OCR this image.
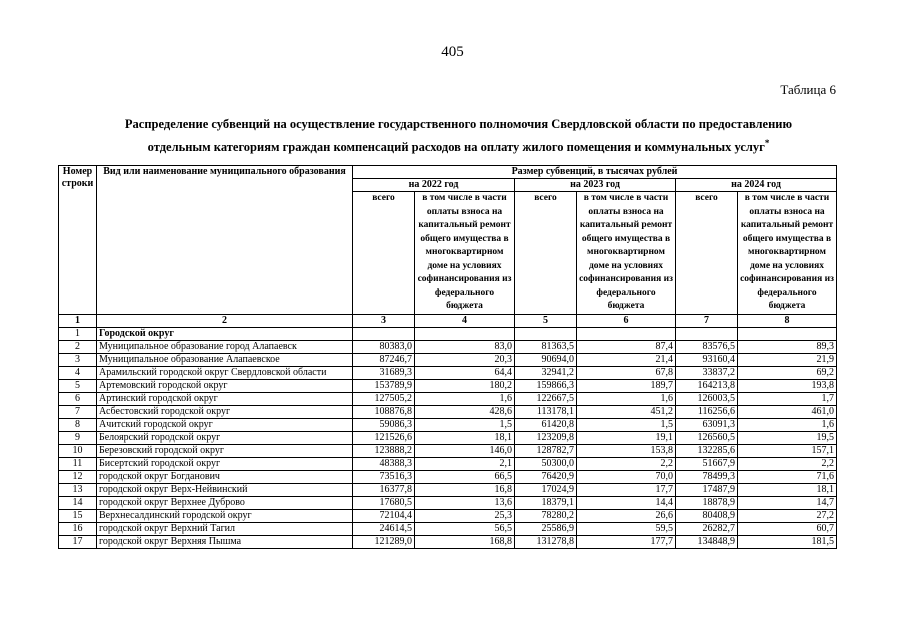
405
Таблица 6
Распределение субвенций на осуществление государственного полномочия Свердловской области по предоставлению
отдельным категориям граждан компенсаций расходов на оплату жилого помещения и коммунальных услуг*
Номер строки	Вид или наименование муниципального образования	Размер субвенций, в тысячах рублей					
		на 2022 год		на 2023 год		на 2024 год	
		всего	в том числе в части оплаты взноса на капитальный ремонт общего имущества в многоквартирном доме на условиях софинансирования из федерального бюджета	всего	в том числе в части оплаты взноса на капитальный ремонт общего имущества в многоквартирном доме на условиях софинансирования из федерального бюджета	всего	в том числе в части оплаты взноса на капитальный ремонт общего имущества в многоквартирном доме на условиях софинансирования из федерального бюджета
1	2	3	4	5	6	7	8
1	Городской округ						
2	Муниципальное образование город Алапаевск	80383,0	83,0	81363,5	87,4	83576,5	89,3
3	Муниципальное образование Алапаевское	87246,7	20,3	90694,0	21,4	93160,4	21,9
4	Арамильский городской округ Свердловской области	31689,3	64,4	32941,2	67,8	33837,2	69,2
5	Артемовский городской округ	153789,9	180,2	159866,3	189,7	164213,8	193,8
6	Артинский городской округ	127505,2	1,6	122667,5	1,6	126003,5	1,7
7	Асбестовский городской округ	108876,8	428,6	113178,1	451,2	116256,6	461,0
8	Ачитский городской округ	59086,3	1,5	61420,8	1,5	63091,3	1,6
9	Белоярский городской округ	121526,6	18,1	123209,8	19,1	126560,5	19,5
10	Березовский городской округ	123888,2	146,0	128782,7	153,8	132285,6	157,1
11	Бисертский городской округ	48388,3	2,1	50300,0	2,2	51667,9	2,2
12	городской округ Богданович	73516,3	66,5	76420,9	70,0	78499,3	71,6
13	городской округ Верх-Нейвинский	16377,8	16,8	17024,9	17,7	17487,9	18,1
14	городской округ Верхнее Дуброво	17680,5	13,6	18379,1	14,4	18878,9	14,7
15	Верхнесалдинский городской округ	72104,4	25,3	78280,2	26,6	80408,9	27,2
16	городской округ Верхний Тагил	24614,5	56,5	25586,9	59,5	26282,7	60,7
17	городской округ Верхняя Пышма	121289,0	168,8	131278,8	177,7	134848,9	181,5
